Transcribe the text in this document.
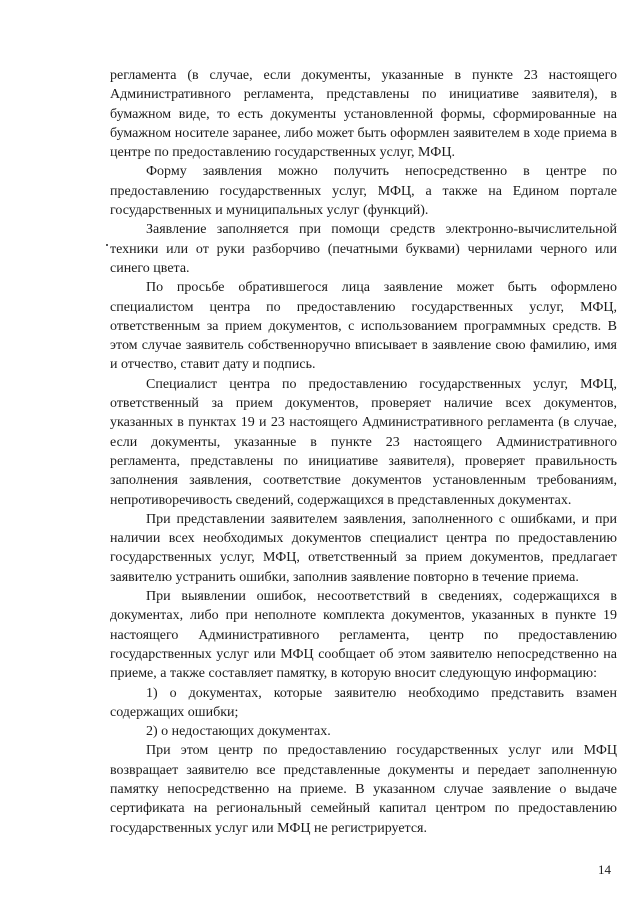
регламента (в случае, если документы, указанные в пункте 23 настоящего Административного регламента, представлены по инициативе заявителя), в бумажном виде, то есть документы установленной формы, сформированные на бумажном носителе заранее, либо может быть оформлен заявителем в ходе приема в центре по предоставлению государственных услуг, МФЦ.

Форму заявления можно получить непосредственно в центре по предоставлению государственных услуг, МФЦ, а также на Едином портале государственных и муниципальных услуг (функций).

Заявление заполняется при помощи средств электронно-вычислительной техники или от руки разборчиво (печатными буквами) чернилами черного или синего цвета.

По просьбе обратившегося лица заявление может быть оформлено специалистом центра по предоставлению государственных услуг, МФЦ, ответственным за прием документов, с использованием программных средств. В этом случае заявитель собственноручно вписывает в заявление свою фамилию, имя и отчество, ставит дату и подпись.

Специалист центра по предоставлению государственных услуг, МФЦ, ответственный за прием документов, проверяет наличие всех документов, указанных в пунктах 19 и 23 настоящего Административного регламента (в случае, если документы, указанные в пункте 23 настоящего Административного регламента, представлены по инициативе заявителя), проверяет правильность заполнения заявления, соответствие документов установленным требованиям, непротиворечивость сведений, содержащихся в представленных документах.

При представлении заявителем заявления, заполненного с ошибками, и при наличии всех необходимых документов специалист центра по предоставлению государственных услуг, МФЦ, ответственный за прием документов, предлагает заявителю устранить ошибки, заполнив заявление повторно в течение приема.

При выявлении ошибок, несоответствий в сведениях, содержащихся в документах, либо при неполноте комплекта документов, указанных в пункте 19 настоящего Административного регламента, центр по предоставлению государственных услуг или МФЦ сообщает об этом заявителю непосредственно на приеме, а также составляет памятку, в которую вносит следующую информацию:

1) о документах, которые заявителю необходимо представить взамен содержащих ошибки;

2) о недостающих документах.

При этом центр по предоставлению государственных услуг или МФЦ возвращает заявителю все представленные документы и передает заполненную памятку непосредственно на приеме. В указанном случае заявление о выдаче сертификата на региональный семейный капитал центром по предоставлению государственных услуг или МФЦ не регистрируется.

14
